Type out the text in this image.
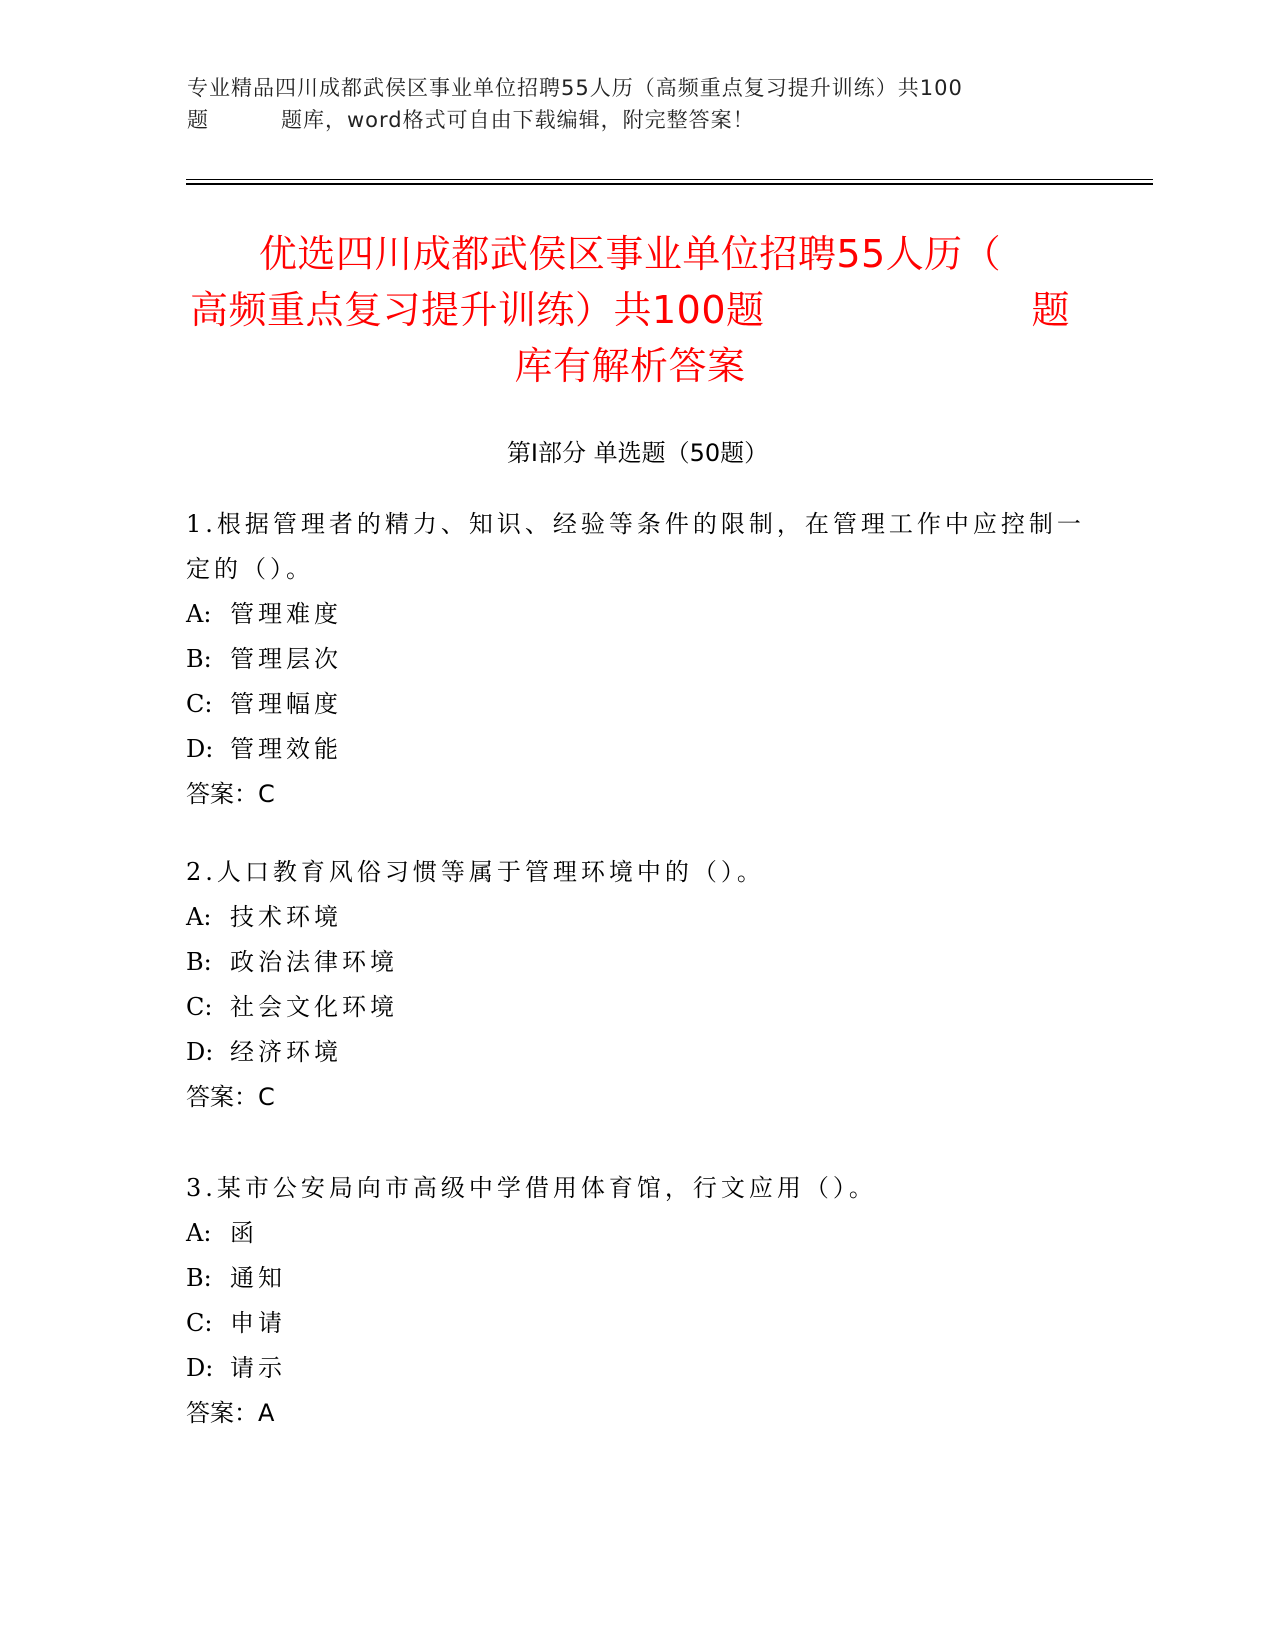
专业精品四川成都武侯区事业单位招聘55人历（高频重点复习提升训练）共100
题	题库，word格式可自由下载编辑，附完整答案！
优选四川成都武侯区事业单位招聘55人历（
高频重点复习提升训练）共100题	题
库有解析答案
第Ⅰ部分 单选题（50题）

1.根据管理者的精力、知识、经验等条件的限制，在管理工作中应控制一定的（）。

A: 管理难度

B: 管理层次

C: 管理幅度

D: 管理效能

答案：C

2.人口教育风俗习惯等属于管理环境中的（）。

A: 技术环境

B: 政治法律环境

C: 社会文化环境

D: 经济环境

答案：C

3.某市公安局向市高级中学借用体育馆，行文应用（）。

A: 函

B: 通知

C: 申请

D: 请示

答案：A
